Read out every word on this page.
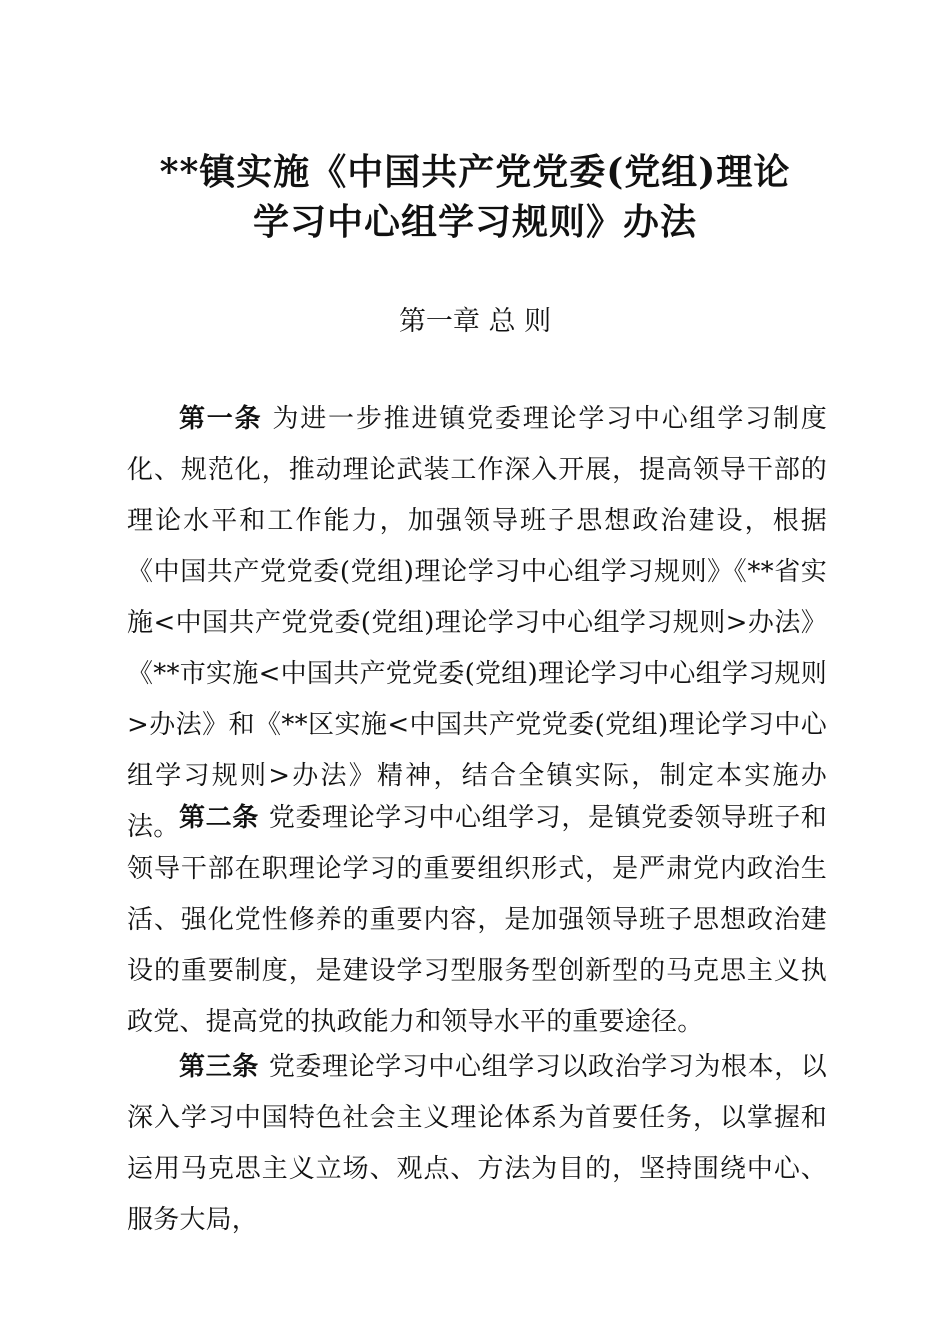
**镇实施《中国共产党党委(党组)理论
学习中心组学习规则》办法
第一章 总 则

第一条 为进一步推进镇党委理论学习中心组学习制度化、规范化，推动理论武装工作深入开展，提高领导干部的理论水平和工作能力，加强领导班子思想政治建设，根据《中国共产党党委(党组)理论学习中心组学习规则》《**省实施<中国共产党党委(党组)理论学习中心组学习规则>办法》《**市实施<中国共产党党委(党组)理论学习中心组学习规则>办法》和《**区实施<中国共产党党委(党组)理论学习中心组学习规则>办法》精神，结合全镇实际，制定本实施办法。 第二条 党委理论学习中心组学习，是镇党委领导班子和领导干部在职理论学习的重要组织形式，是严肃党内政治生活、强化党性修养的重要内容，是加强领导班子思想政治建设的重要制度，是建设学习型服务型创新型的马克思主义执政党、提高党的执政能力和领导水平的重要途径。

第三条 党委理论学习中心组学习以政治学习为根本，以深入学习中国特色社会主义理论体系为首要任务，以掌握和运用马克思主义立场、观点、方法为目的，坚持围绕中心、服务大局，
